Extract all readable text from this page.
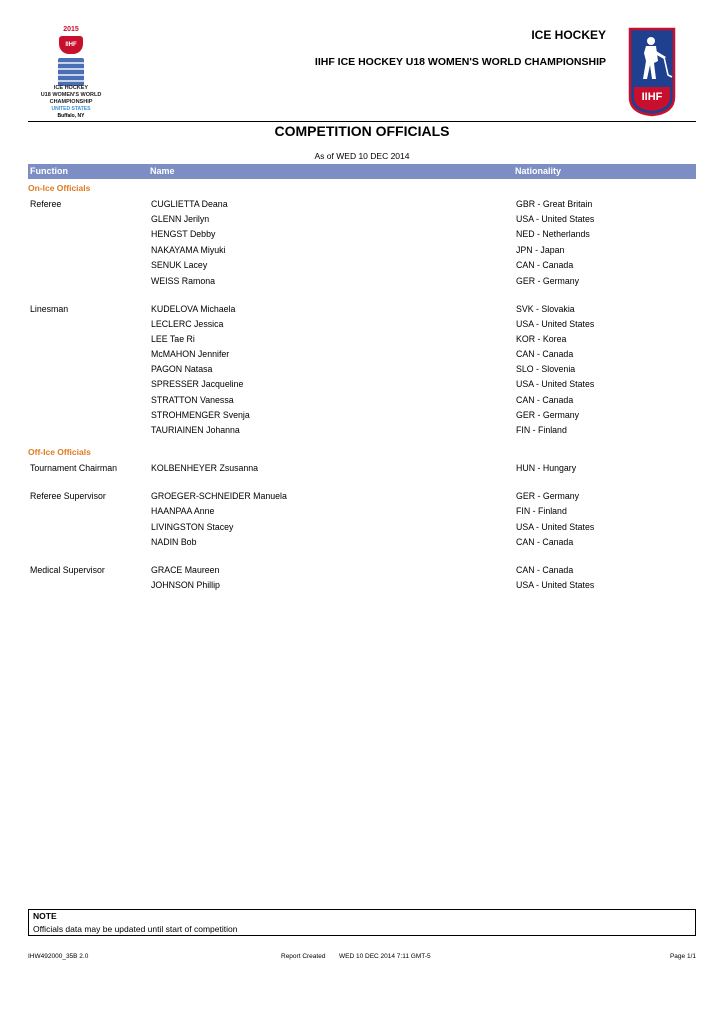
2015
IIHF
ICE HOCKEY
U18 WOMEN'S WORLD
CHAMPIONSHIP
UNITED STATES
Buffalo, NY
IIHF
ICE HOCKEY
IIHF ICE HOCKEY U18 WOMEN'S WORLD CHAMPIONSHIP
COMPETITION OFFICIALS
As of WED 10 DEC 2014
Function	Name	Nationality
On-Ice Officials
Off-Ice Officials
Referee	CUGLIETTA Deana	GBR - Great Britain
GLENN Jerilyn	USA - United States
HENGST Debby	NED - Netherlands
NAKAYAMA Miyuki	JPN - Japan
SENUK Lacey	CAN - Canada
WEISS Ramona	GER - Germany
Linesman	KUDELOVA Michaela	SVK - Slovakia
LECLERC Jessica	USA - United States
LEE Tae Ri	KOR - Korea
McMAHON Jennifer	CAN - Canada
PAGON Natasa	SLO - Slovenia
SPRESSER Jacqueline	USA - United States
STRATTON Vanessa	CAN - Canada
STROHMENGER Svenja	GER - Germany
TAURIAINEN Johanna	FIN - Finland
Tournament Chairman	KOLBENHEYER Zsusanna	HUN - Hungary
Referee Supervisor	GROEGER-SCHNEIDER Manuela	GER - Germany
HAANPAA Anne	FIN - Finland
LIVINGSTON Stacey	USA - United States
NADIN Bob	CAN - Canada
Medical Supervisor	GRACE Maureen	CAN - Canada
JOHNSON Phillip	USA - United States
NOTE
Officials data may be updated until start of competition
IHW492000_35B 2.0	Report Created WED 10 DEC 2014 7:11 GMT-5	Page 1/1
